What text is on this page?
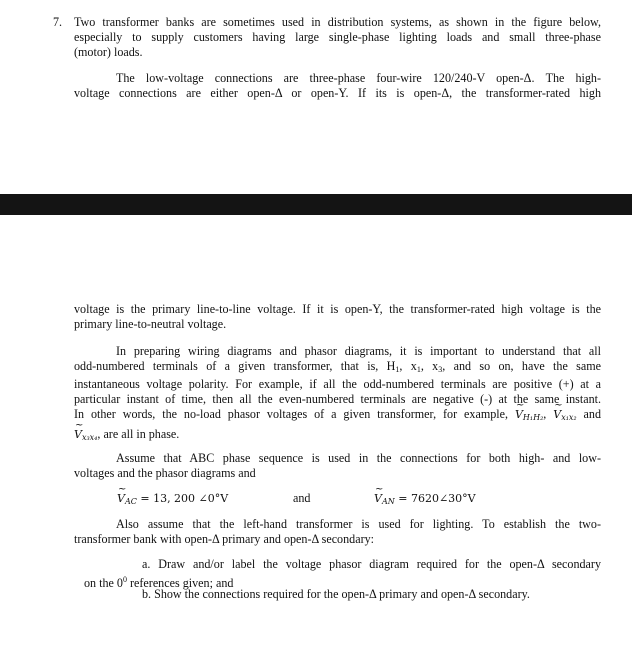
7. Two transformer banks are sometimes used in distribution systems, as shown in the figure below,
especially to supply customers having large single-phase lighting loads and small three-phase
(motor) loads.
The low-voltage connections are three-phase four-wire 120/240-V open-Δ. The high-
voltage connections are either open-Δ or open-Y. If its is open-Δ, the transformer-rated high
voltage is the primary line-to-line voltage. If it is open-Y, the transformer-rated high voltage is the
primary line-to-neutral voltage.
In preparing wiring diagrams and phasor diagrams, it is important to understand that all
odd-numbered terminals of a given transformer, that is, $H_1$, $x_1$, $x_3$, and so on, have the same
instantaneous voltage polarity. For example, if all the odd-numbered terminals are positive (+) at a
particular instant of time, then all the even-numbered terminals are negative (-) at the same instant.
In other words, the no-load phasor voltages of a given transformer, for example, ~ $V_{H_1H_2}$, ~ $V_{x_1x_2}$ and
~ $V_{x_3x_4}$, are all in phase.
Assume that ABC phase sequence is used in the connections for both high- and low-
voltages and the phasor diagrams and
~ $V_{AC} = 13$, 200 ∠0°V	and	~ $V_{AN}$ = 7620∠30°V
Also assume that the left-hand transformer is used for lighting. To establish the two-
transformer bank with open-Δ primary and open-Δ secondary:
a. Draw and/or label the voltage phasor diagram required for the open-Δ secondary
on the $0^0$ references given; and
b. Show the connections required for the open-Δ primary and open-Δ secondary.
